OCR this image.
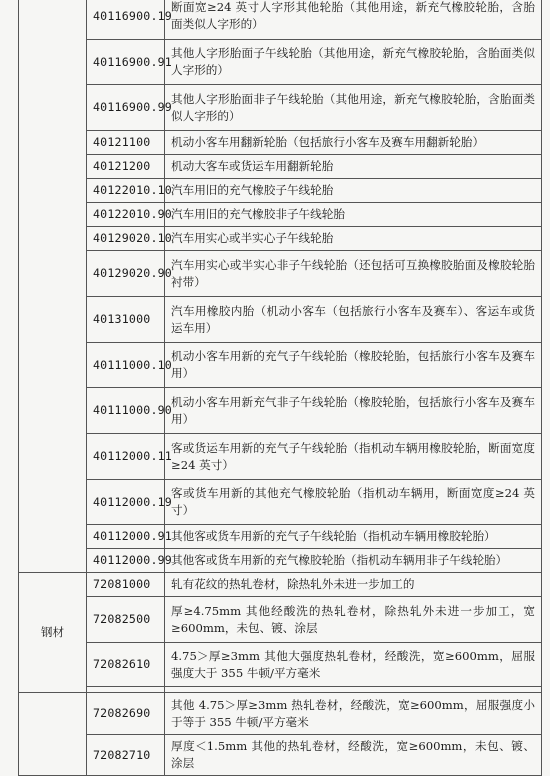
	40116900.19	断面宽≥24 英寸人字形其他轮胎（其他用途，新充气橡胶轮胎，含胎面类似人字形的）
	40116900.91	其他人字形胎面子午线轮胎（其他用途，新充气橡胶轮胎，含胎面类似人字形的）
	40116900.99	其他人字形胎面非子午线轮胎（其他用途，新充气橡胶轮胎，含胎面类似人字形的）
	40121100	机动小客车用翻新轮胎（包括旅行小客车及赛车用翻新轮胎）
	40121200	机动大客车或货运车用翻新轮胎
	40122010.10	汽车用旧的充气橡胶子午线轮胎
	40122010.90	汽车用旧的充气橡胶非子午线轮胎
	40129020.10	汽车用实心或半实心子午线轮胎
	40129020.90	汽车用实心或半实心非子午线轮胎（还包括可互换橡胶胎面及橡胶轮胎衬带）
	40131000	汽车用橡胶内胎（机动小客车（包括旅行小客车及赛车）、客运车或货运车用）
	40111000.10	机动小客车用新的充气子午线轮胎（橡胶轮胎，包括旅行小客车及赛车用）
	40111000.90	机动小客车用新充气非子午线轮胎（橡胶轮胎，包括旅行小客车及赛车用）
	40112000.11	客或货运车用新的充气子午线轮胎（指机动车辆用橡胶轮胎，断面宽度≥24 英寸）
	40112000.19	客或货车用新的其他充气橡胶轮胎（指机动车辆用，断面宽度≥24 英寸）
	40112000.91	其他客或货车用新的充气子午线轮胎（指机动车辆用橡胶轮胎）
	40112000.99	其他客或货车用新的充气橡胶轮胎（指机动车辆用非子午线轮胎）
钢材	72081000	轧有花纹的热轧卷材，除热轧外未进一步加工的
	72082500	厚≥4.75mm 其他经酸洗的热轧卷材，除热轧外未进一步加工，宽≥600mm，未包、镀、涂层
	72082610	4.75＞厚≥3mm 其他大强度热轧卷材，经酸洗，宽≥600mm，屈服强度大于 355 牛顿/平方毫米

	72082690	其他 4.75＞厚≥3mm 热轧卷材，经酸洗，宽≥600mm，屈服强度小于等于 355 牛顿/平方毫米
	72082710	厚度＜1.5mm 其他的热轧卷材，经酸洗，宽≥600mm，未包、镀、涂层
